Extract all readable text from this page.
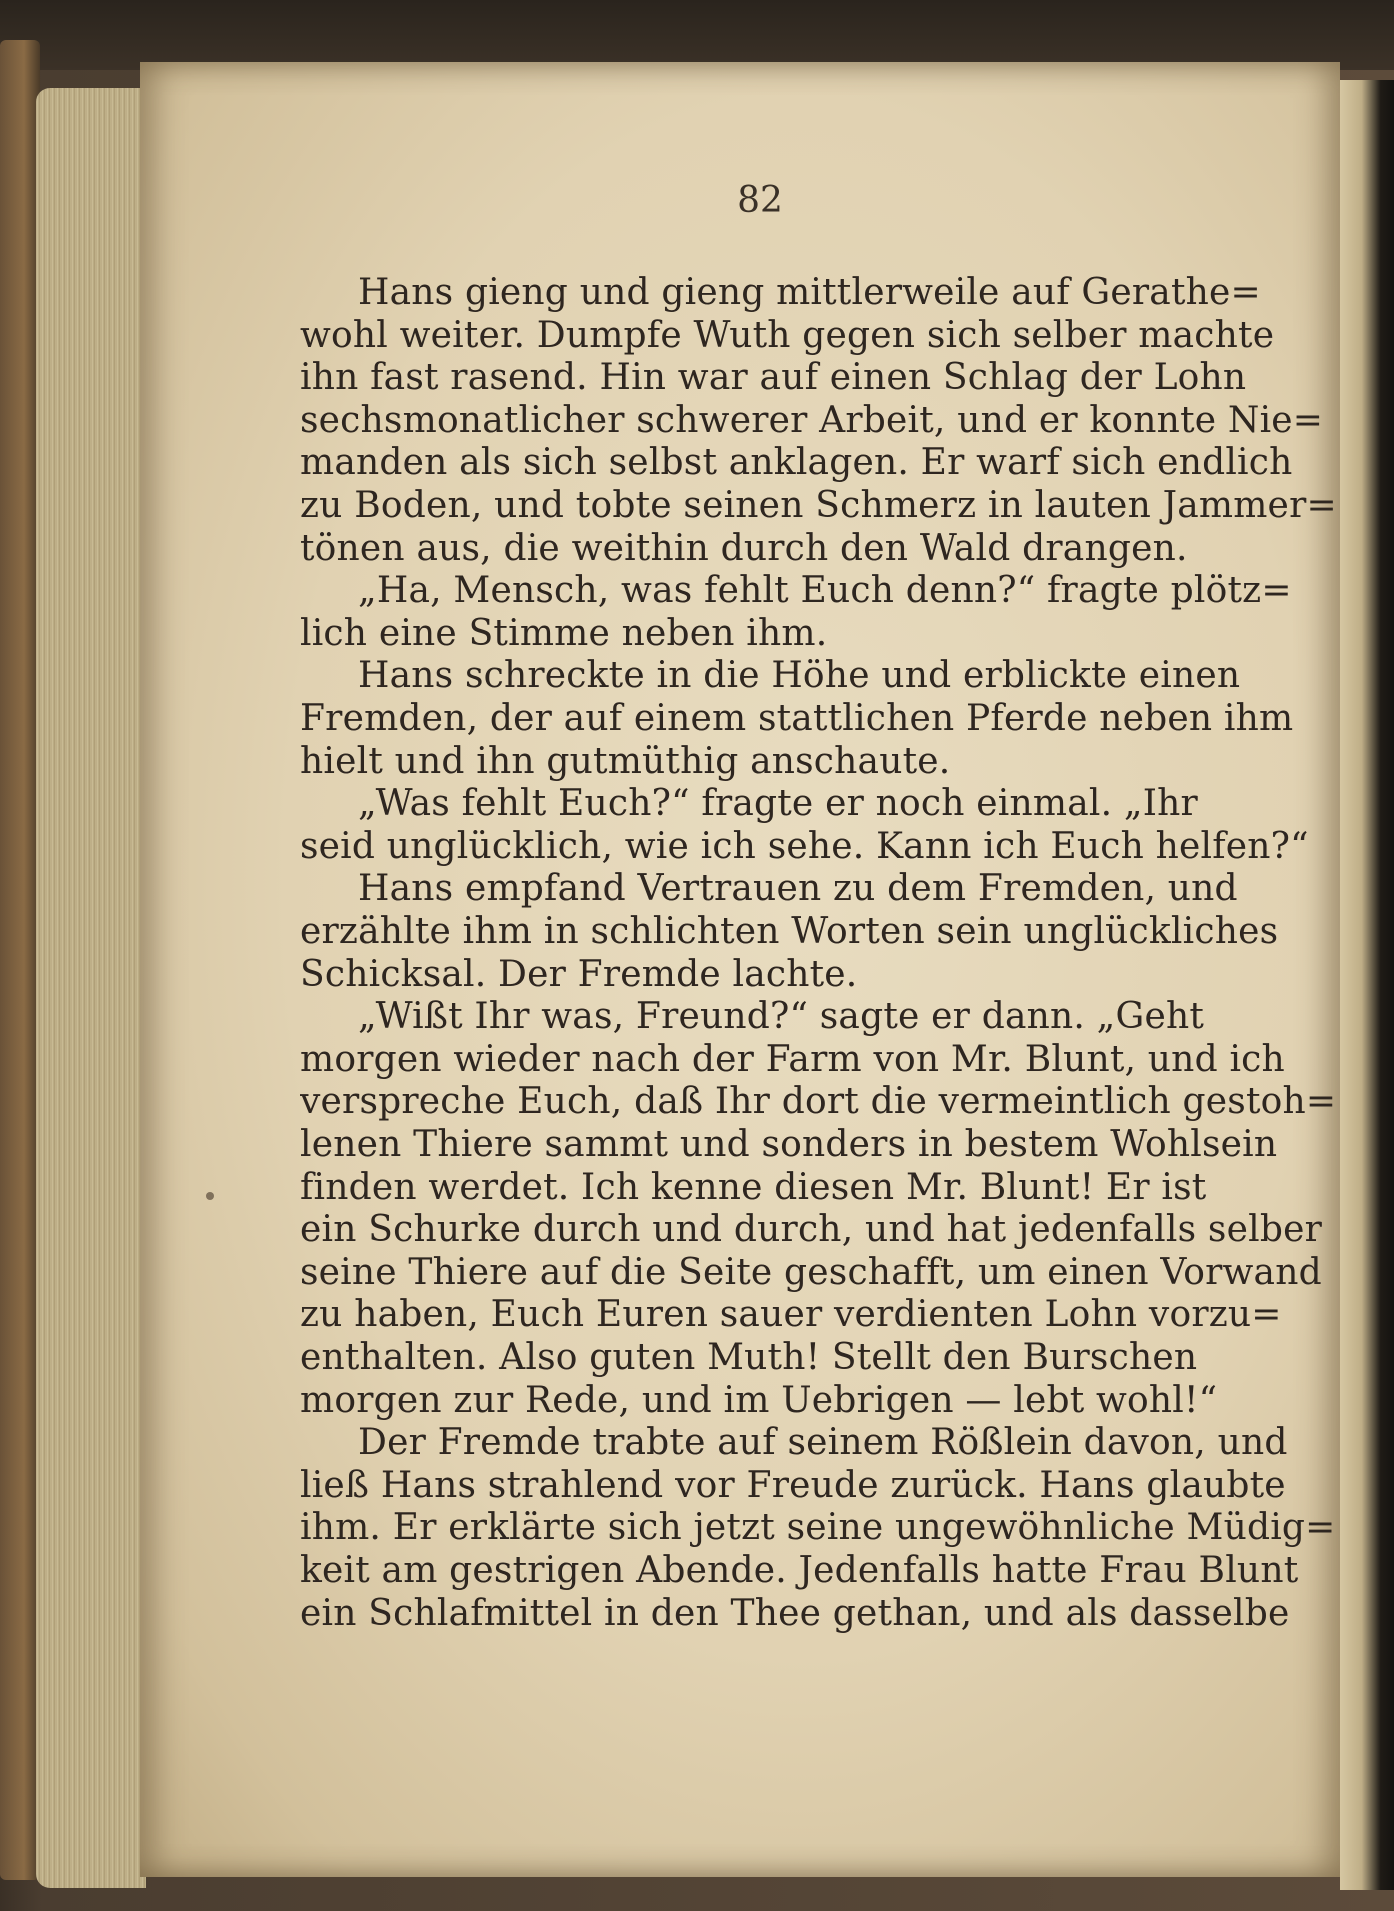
82
Hans gieng und gieng mittlerweile auf Gerathe=
wohl weiter. Dumpfe Wuth gegen sich selber machte
ihn fast rasend. Hin war auf einen Schlag der Lohn
sechsmonatlicher schwerer Arbeit, und er konnte Nie=
manden als sich selbst anklagen. Er warf sich endlich
zu Boden, und tobte seinen Schmerz in lauten Jammer=
tönen aus, die weithin durch den Wald drangen.
„Ha, Mensch, was fehlt Euch denn?“ fragte plötz=
lich eine Stimme neben ihm.
Hans schreckte in die Höhe und erblickte einen
Fremden, der auf einem stattlichen Pferde neben ihm
hielt und ihn gutmüthig anschaute.
„Was fehlt Euch?“ fragte er noch einmal. „Ihr
seid unglücklich, wie ich sehe. Kann ich Euch helfen?“
Hans empfand Vertrauen zu dem Fremden, und
erzählte ihm in schlichten Worten sein unglückliches
Schicksal. Der Fremde lachte.
„Wißt Ihr was, Freund?“ sagte er dann. „Geht
morgen wieder nach der Farm von Mr. Blunt, und ich
verspreche Euch, daß Ihr dort die vermeintlich gestoh=
lenen Thiere sammt und sonders in bestem Wohlsein
finden werdet. Ich kenne diesen Mr. Blunt! Er ist
ein Schurke durch und durch, und hat jedenfalls selber
seine Thiere auf die Seite geschafft, um einen Vorwand
zu haben, Euch Euren sauer verdienten Lohn vorzu=
enthalten. Also guten Muth! Stellt den Burschen
morgen zur Rede, und im Uebrigen — lebt wohl!“
Der Fremde trabte auf seinem Rößlein davon, und
ließ Hans strahlend vor Freude zurück. Hans glaubte
ihm. Er erklärte sich jetzt seine ungewöhnliche Müdig=
keit am gestrigen Abende. Jedenfalls hatte Frau Blunt
ein Schlafmittel in den Thee gethan, und als dasselbe
